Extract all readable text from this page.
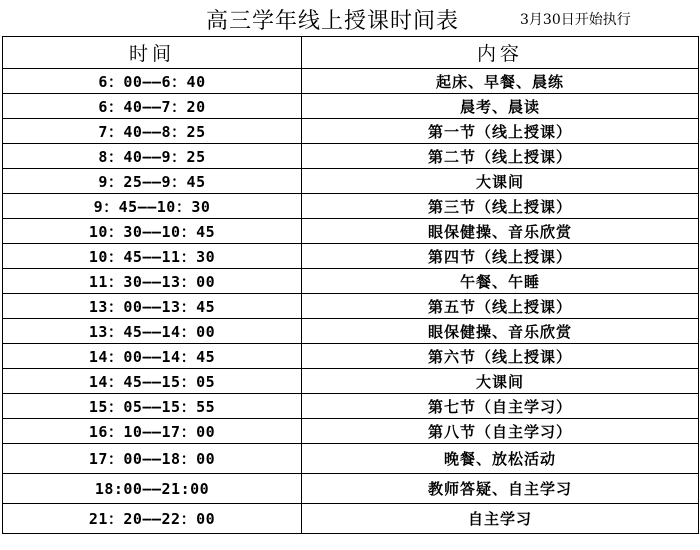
高三学年线上授课时间表	3月30日开始执行
时间	内容
6：00——6：40	起床、早餐、晨练
6：40——7：20	晨考、晨读
7：40——8：25	第一节（线上授课）
8：40——9：25	第二节（线上授课）
9：25——9：45	大课间
9：45——10：30	第三节（线上授课）
10：30——10：45	眼保健操、音乐欣赏
10：45——11：30	第四节（线上授课）
11：30——13：00	午餐、午睡
13：00——13：45	第五节（线上授课）
13：45——14：00	眼保健操、音乐欣赏
14：00——14：45	第六节（线上授课）
14：45——15：05	大课间
15：05——15：55	第七节（自主学习）
16：10——17：00	第八节（自主学习）
17：00——18：00	晚餐、放松活动
18:00——21:00	教师答疑、自主学习
21：20——22：00	自主学习
